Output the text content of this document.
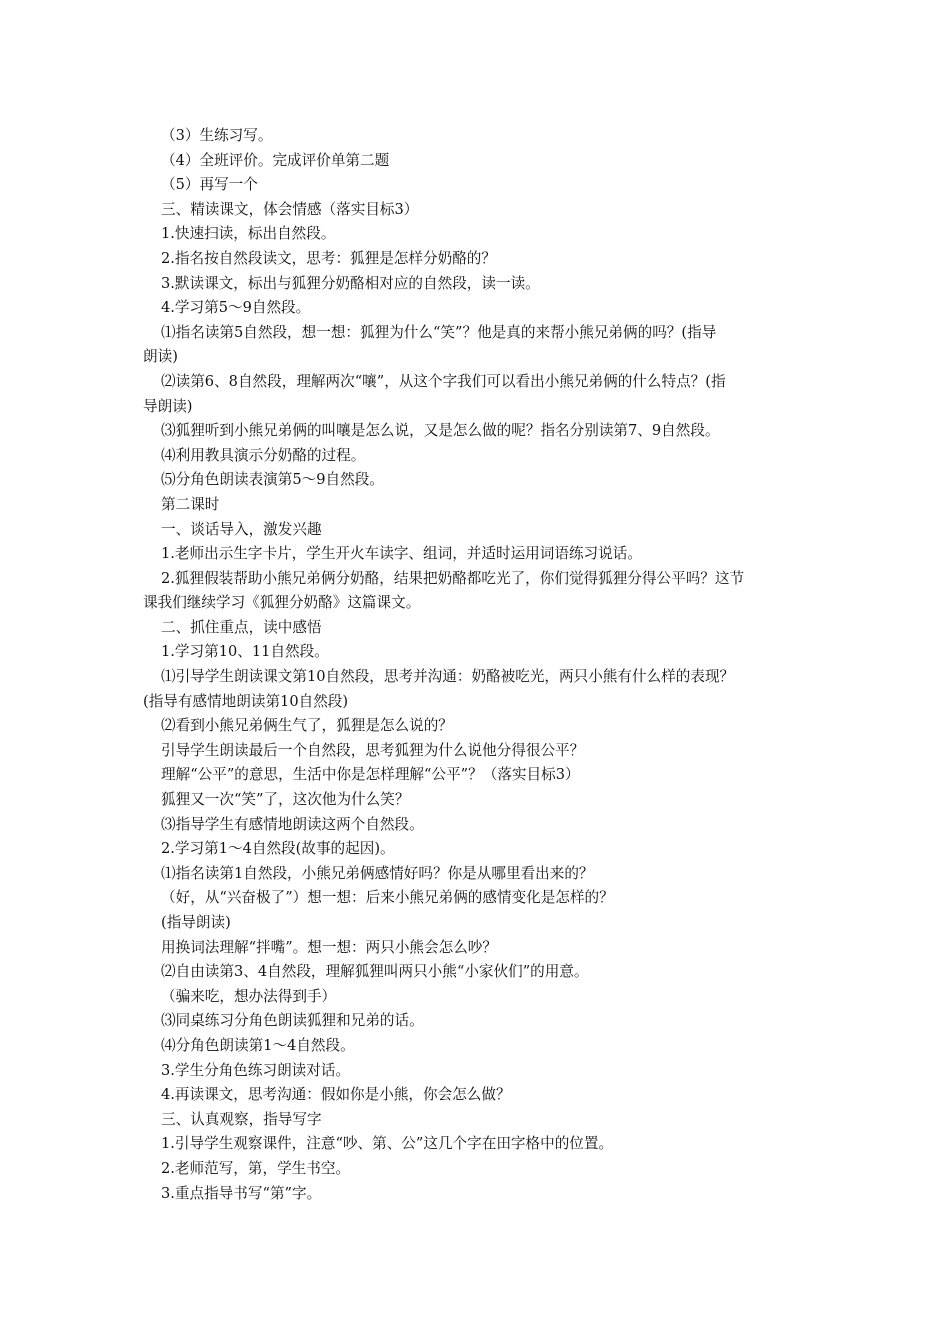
（3）生练习写。
（4）全班评价。完成评价单第二题
（5）再写一个
三、精读课文，体会情感（落实目标3）
1.快速扫读，标出自然段。
2.指名按自然段读文，思考：狐狸是怎样分奶酪的？
3.默读课文，标出与狐狸分奶酪相对应的自然段，读一读。
4.学习第5～9自然段。
⑴指名读第5自然段，想一想：狐狸为什么“笑”？他是真的来帮小熊兄弟俩的吗？(指导
朗读)
⑵读第6、8自然段，理解两次“嚷”，从这个字我们可以看出小熊兄弟俩的什么特点？(指
导朗读)
⑶狐狸听到小熊兄弟俩的叫嚷是怎么说，又是怎么做的呢？指名分别读第7、9自然段。
⑷利用教具演示分奶酪的过程。
⑸分角色朗读表演第5～9自然段。
第二课时
一、谈话导入，激发兴趣
1.老师出示生字卡片，学生开火车读字、组词，并适时运用词语练习说话。
2.狐狸假装帮助小熊兄弟俩分奶酪，结果把奶酪都吃光了，你们觉得狐狸分得公平吗？这节
课我们继续学习《狐狸分奶酪》这篇课文。
二、抓住重点，读中感悟
1.学习第10、11自然段。
⑴引导学生朗读课文第10自然段，思考并沟通：奶酪被吃光，两只小熊有什么样的表现？
(指导有感情地朗读第10自然段)
⑵看到小熊兄弟俩生气了，狐狸是怎么说的？
引导学生朗读最后一个自然段，思考狐狸为什么说他分得很公平？
理解“公平”的意思，生活中你是怎样理解“公平”？（落实目标3）
狐狸又一次“笑”了，这次他为什么笑？
⑶指导学生有感情地朗读这两个自然段。
2.学习第1～4自然段(故事的起因)。
⑴指名读第1自然段，小熊兄弟俩感情好吗？你是从哪里看出来的？
（好，从“兴奋极了”）想一想：后来小熊兄弟俩的感情变化是怎样的？
(指导朗读)
用换词法理解“拌嘴”。想一想：两只小熊会怎么吵？
⑵自由读第3、4自然段，理解狐狸叫两只小熊“小家伙们”的用意。
（骗来吃，想办法得到手）
⑶同桌练习分角色朗读狐狸和兄弟的话。
⑷分角色朗读第1～4自然段。
3.学生分角色练习朗读对话。
4.再读课文，思考沟通：假如你是小熊，你会怎么做？
三、认真观察，指导写字
1.引导学生观察课件，注意“吵、第、公”这几个字在田字格中的位置。
2.老师范写，第，学生书空。
3.重点指导书写“第”字。
